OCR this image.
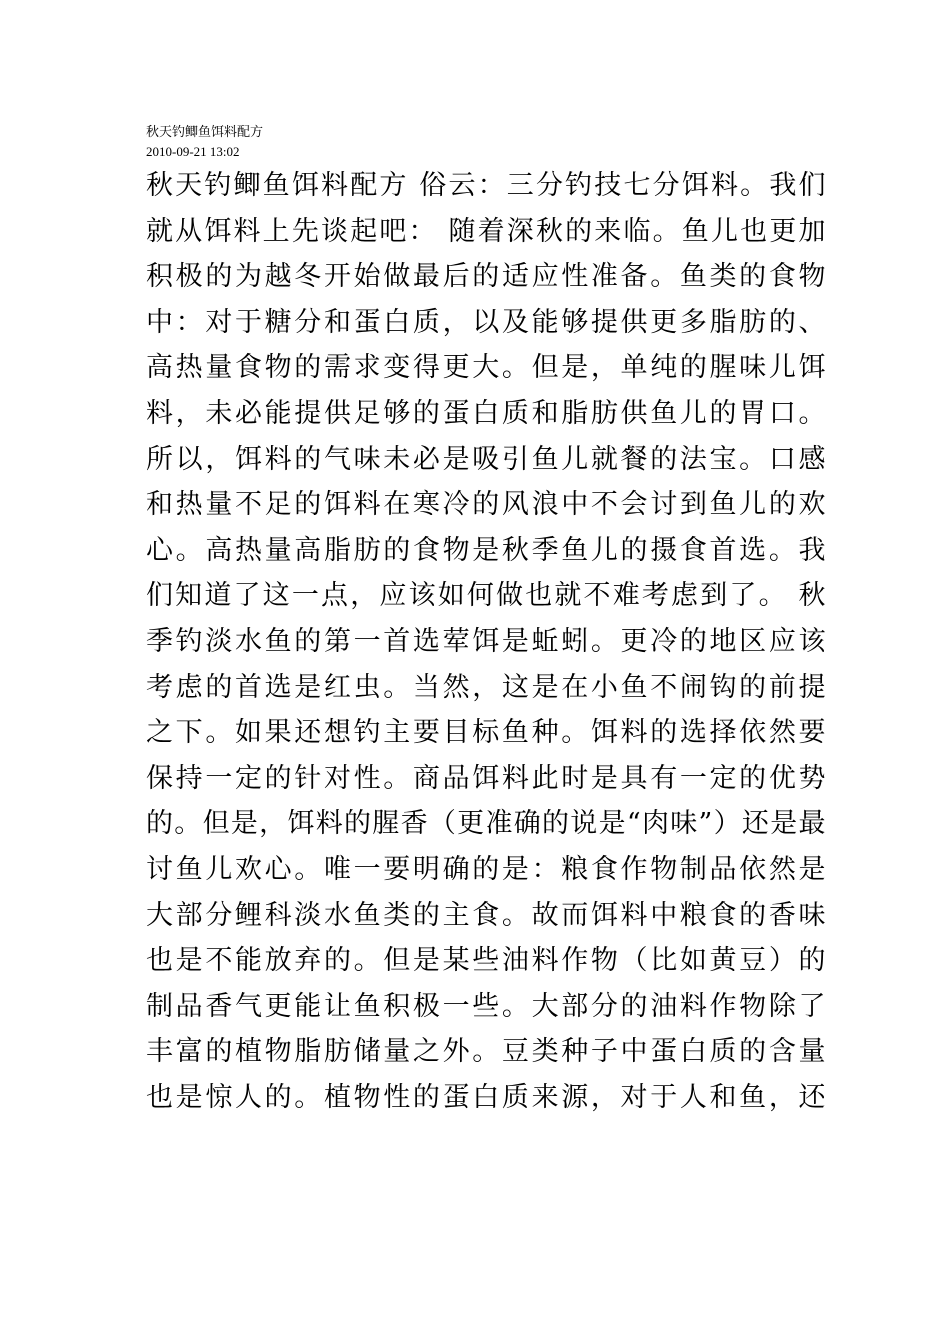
秋天钓鲫鱼饵料配方
2010-09-21 13:02
秋天钓鲫鱼饵料配方 俗云：三分钓技七分饵料。我们
就从饵料上先谈起吧： 随着深秋的来临。鱼儿也更加
积极的为越冬开始做最后的适应性准备。鱼类的食物
中：对于糖分和蛋白质，以及能够提供更多脂肪的、
高热量食物的需求变得更大。但是，单纯的腥味儿饵
料，未必能提供足够的蛋白质和脂肪供鱼儿的胃口。
所以，饵料的气味未必是吸引鱼儿就餐的法宝。口感
和热量不足的饵料在寒冷的风浪中不会讨到鱼儿的欢
心。高热量高脂肪的食物是秋季鱼儿的摄食首选。我
们知道了这一点，应该如何做也就不难考虑到了。 秋
季钓淡水鱼的第一首选荤饵是蚯蚓。更冷的地区应该
考虑的首选是红虫。当然，这是在小鱼不闹钩的前提
之下。如果还想钓主要目标鱼种。饵料的选择依然要
保持一定的针对性。商品饵料此时是具有一定的优势
的。但是，饵料的腥香（更准确的说是“肉味”）还是最
讨鱼儿欢心。唯一要明确的是：粮食作物制品依然是
大部分鲤科淡水鱼类的主食。故而饵料中粮食的香味
也是不能放弃的。但是某些油料作物（比如黄豆）的
制品香气更能让鱼积极一些。大部分的油料作物除了
丰富的植物脂肪储量之外。豆类种子中蛋白质的含量
也是惊人的。植物性的蛋白质来源，对于人和鱼，还
